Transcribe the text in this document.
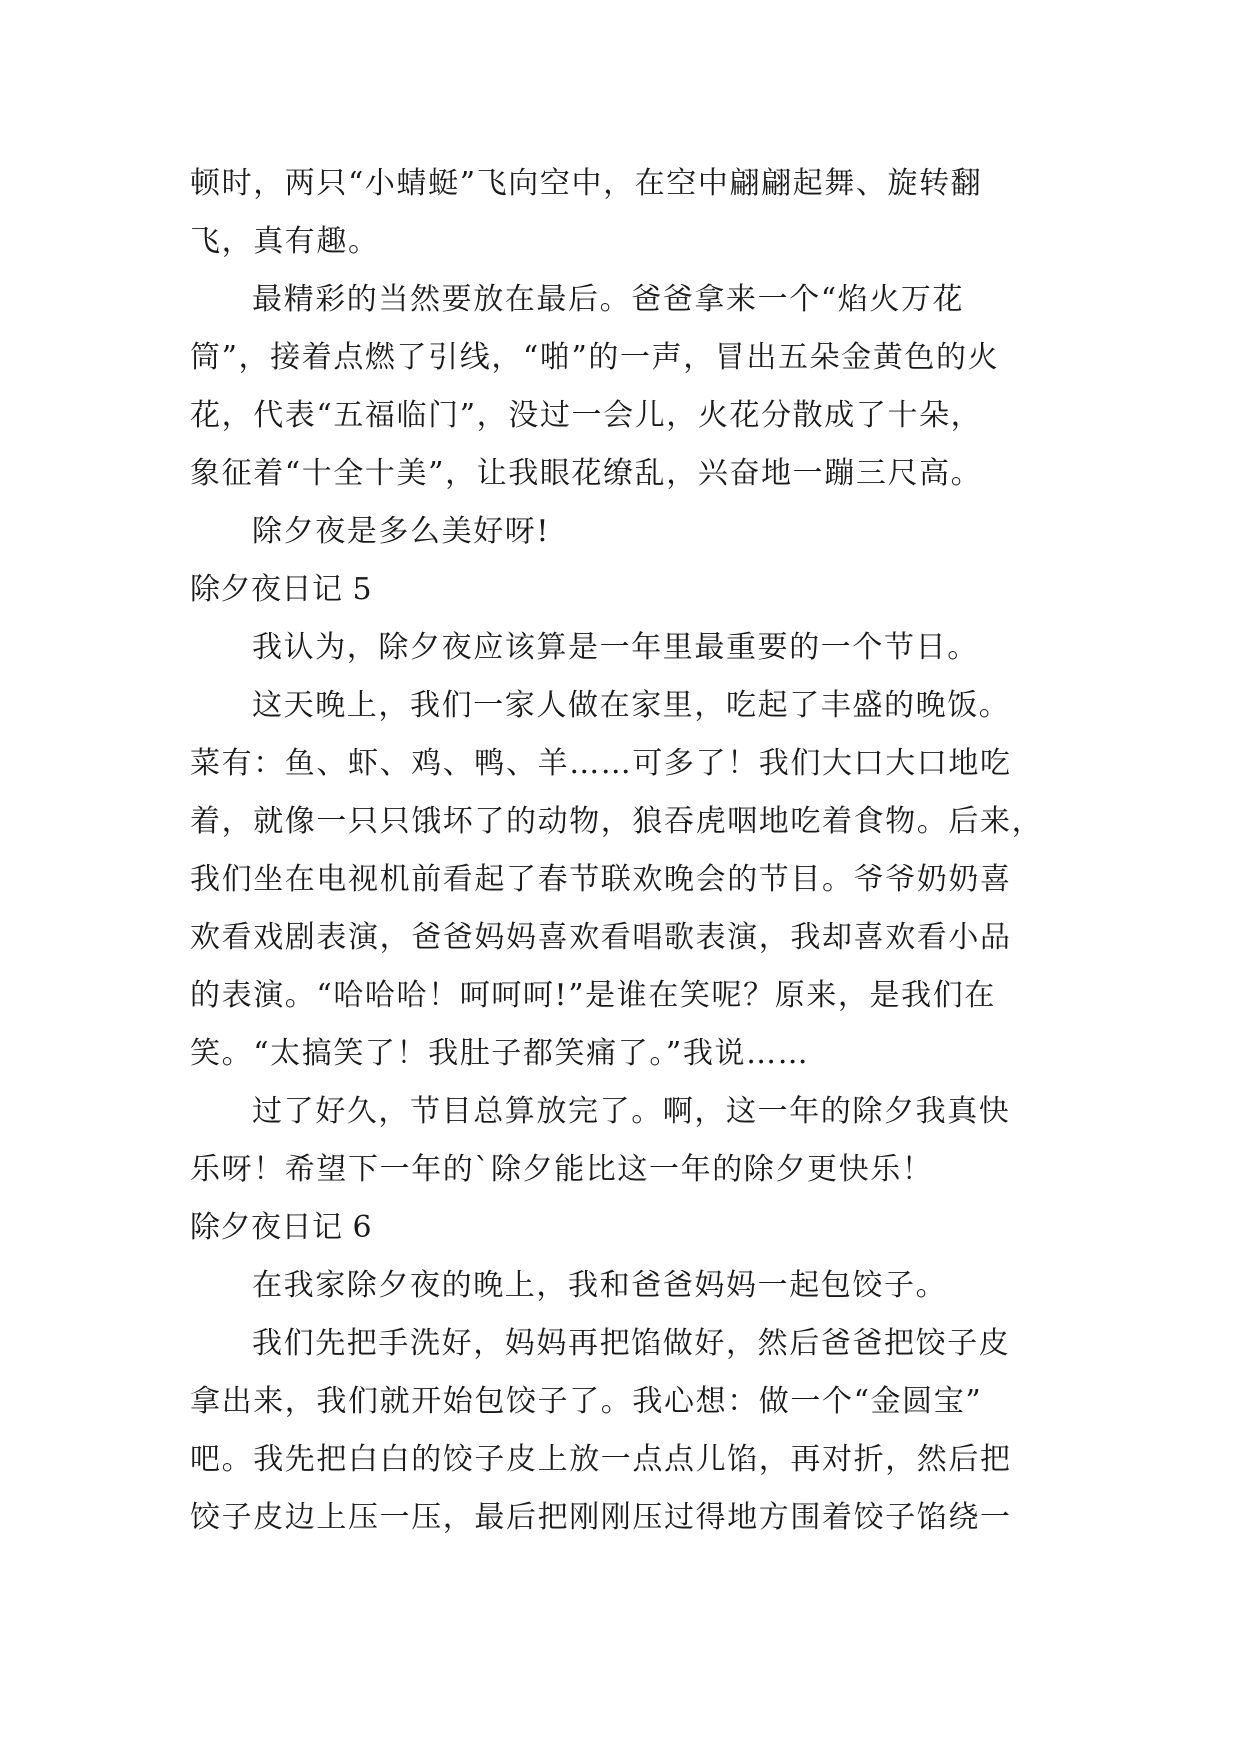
顿时，两只“小蜻蜓”飞向空中，在空中翩翩起舞、旋转翻
飞，真有趣。
最精彩的当然要放在最后。爸爸拿来一个“焰火万花
筒”，接着点燃了引线，“啪”的一声，冒出五朵金黄色的火
花，代表“五福临门”，没过一会儿，火花分散成了十朵，
象征着“十全十美”，让我眼花缭乱，兴奋地一蹦三尺高。
除夕夜是多么美好呀!
除夕夜日记 5
我认为，除夕夜应该算是一年里最重要的一个节日。
这天晚上，我们一家人做在家里，吃起了丰盛的晚饭。
菜有：鱼、虾、鸡、鸭、羊……可多了！我们大口大口地吃
着，就像一只只饿坏了的动物，狼吞虎咽地吃着食物。后来，
我们坐在电视机前看起了春节联欢晚会的节目。爷爷奶奶喜
欢看戏剧表演，爸爸妈妈喜欢看唱歌表演，我却喜欢看小品
的表演。“哈哈哈！呵呵呵!”是谁在笑呢？原来，是我们在
笑。“太搞笑了！我肚子都笑痛了。”我说……
过了好久，节目总算放完了。啊，这一年的除夕我真快
乐呀！希望下一年的`除夕能比这一年的除夕更快乐！
除夕夜日记 6
在我家除夕夜的晚上，我和爸爸妈妈一起包饺子。
我们先把手洗好，妈妈再把馅做好，然后爸爸把饺子皮
拿出来，我们就开始包饺子了。我心想：做一个“金圆宝”
吧。我先把白白的饺子皮上放一点点儿馅，再对折，然后把
饺子皮边上压一压，最后把刚刚压过得地方围着饺子馅绕一
